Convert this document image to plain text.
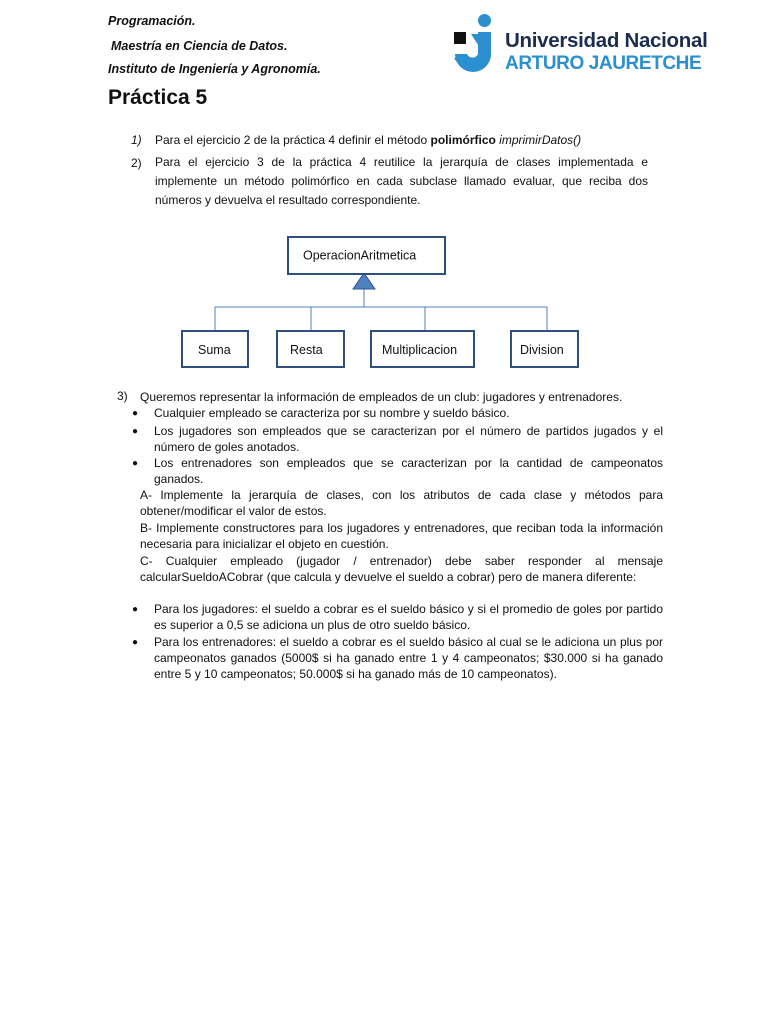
Programación.
Maestría en Ciencia de Datos.
Instituto de Ingeniería y Agronomía.
Universidad Nacional
ARTURO JAURETCHE
Práctica 5
1) Para el ejercicio 2 de la práctica 4 definir el método polimórfico imprimirDatos()
2) Para el ejercicio 3 de la práctica 4 reutilice la jerarquía de clases implementada e implemente un método polimórfico en cada subclase llamado evaluar, que reciba dos números y devuelva el resultado correspondiente.
OperacionAritmetica
Suma	Resta	Multiplicacion	Division
3) Queremos representar la información de empleados de un club: jugadores y entrenadores.
● Cualquier empleado se caracteriza por su nombre y sueldo básico.
● Los jugadores son empleados que se caracterizan por el número de partidos jugados y el número de goles anotados.
● Los entrenadores son empleados que se caracterizan por la cantidad de campeonatos ganados.
A- Implemente la jerarquía de clases, con los atributos de cada clase y métodos para obtener/modificar el valor de estos.
B- Implemente constructores para los jugadores y entrenadores, que reciban toda la información necesaria para inicializar el objeto en cuestión.
C- Cualquier empleado (jugador / entrenador) debe saber responder al mensaje calcularSueldoACobrar (que calcula y devuelve el sueldo a cobrar) pero de manera diferente:
● Para los jugadores: el sueldo a cobrar es el sueldo básico y si el promedio de goles por partido es superior a 0,5 se adiciona un plus de otro sueldo básico.
● Para los entrenadores: el sueldo a cobrar es el sueldo básico al cual se le adiciona un plus por campeonatos ganados (5000$ si ha ganado entre 1 y 4 campeonatos; $30.000 si ha ganado entre 5 y 10 campeonatos; 50.000$ si ha ganado más de 10 campeonatos).
